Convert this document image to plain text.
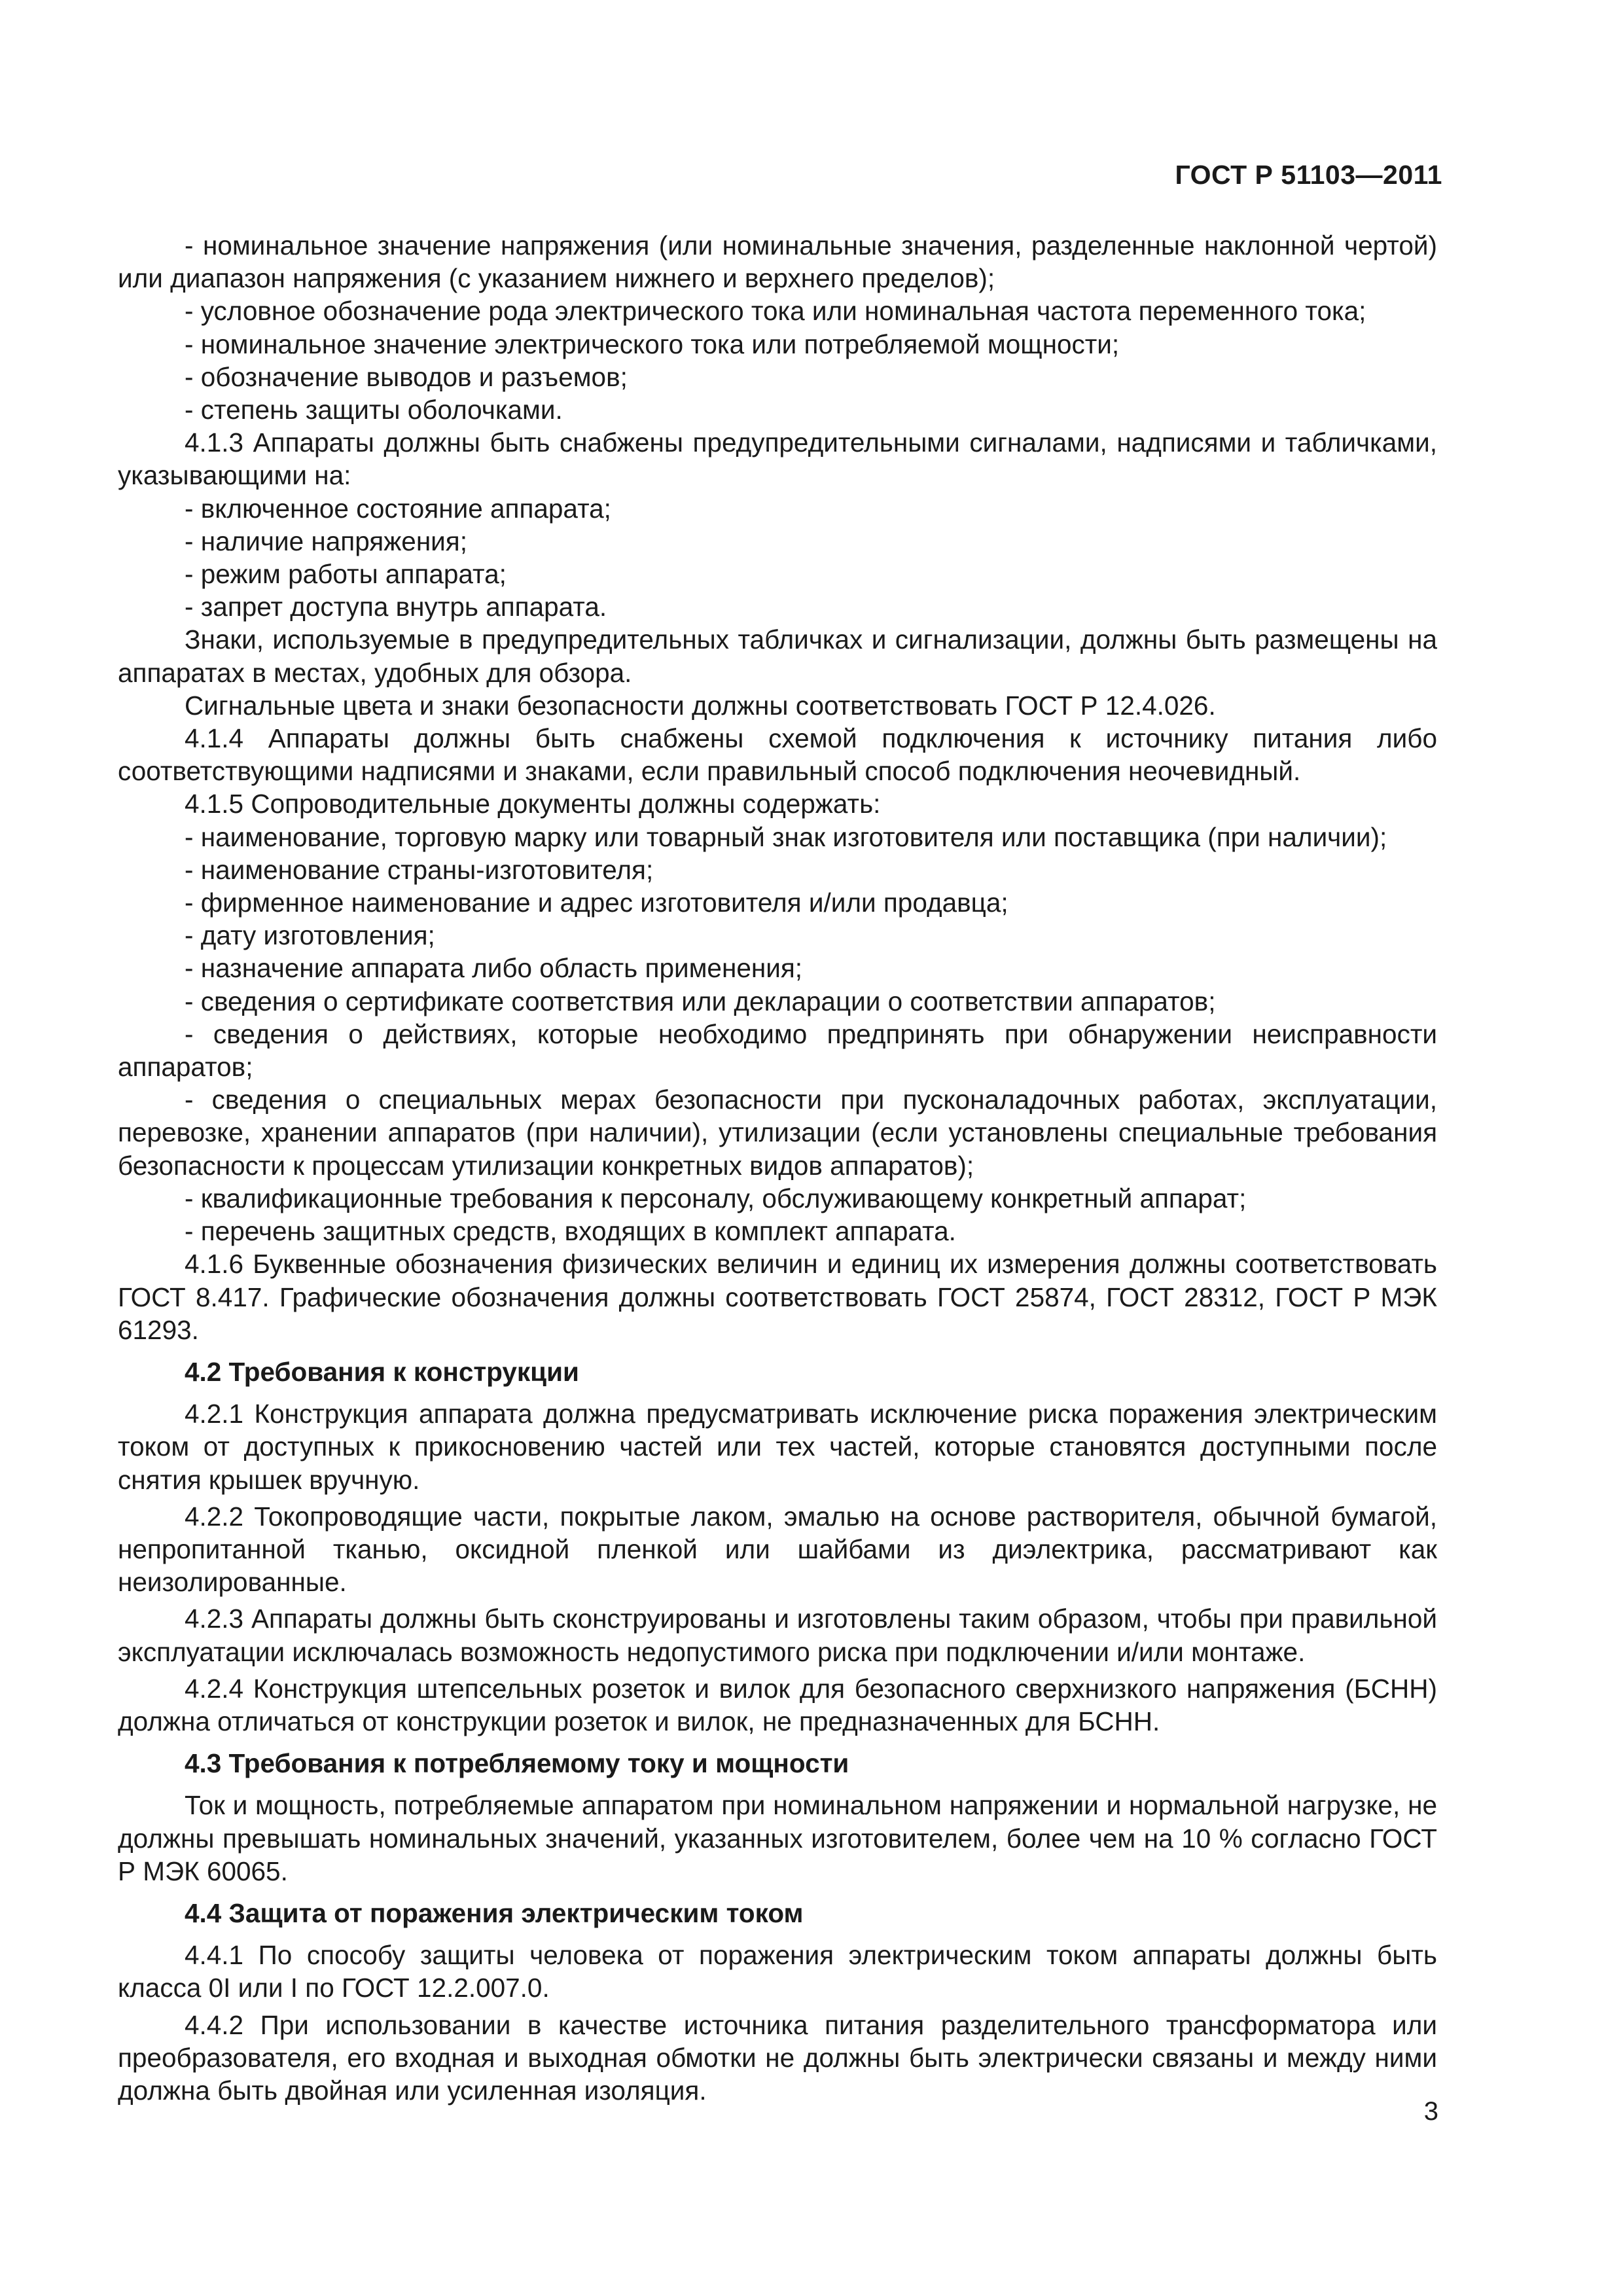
ГОСТ Р 51103—2011

- номинальное значение напряжения (или номинальные значения, разделенные наклонной чертой) или диапазон напряжения (с указанием нижнего и верхнего пределов);

- условное обозначение рода электрического тока или номинальная частота переменного тока;

- номинальное значение электрического тока или потребляемой мощности;

- обозначение выводов и разъемов;

- степень защиты оболочками.

4.1.3 Аппараты должны быть снабжены предупредительными сигналами, надписями и табличками, указывающими на:

- включенное состояние аппарата;

- наличие напряжения;

- режим работы аппарата;

- запрет доступа внутрь аппарата.

Знаки, используемые в предупредительных табличках и сигнализации, должны быть размещены на аппаратах в местах, удобных для обзора.

Сигнальные цвета и знаки безопасности должны соответствовать ГОСТ Р 12.4.026.

4.1.4 Аппараты должны быть снабжены схемой подключения к источнику питания либо соответствующими надписями и знаками, если правильный способ подключения неочевидный.

4.1.5 Сопроводительные документы должны содержать:

- наименование, торговую марку или товарный знак изготовителя или поставщика (при наличии);

- наименование страны-изготовителя;

- фирменное наименование и адрес изготовителя и/или продавца;

- дату изготовления;

- назначение аппарата либо область применения;

- сведения о сертификате соответствия или декларации о соответствии аппаратов;

- сведения о действиях, которые необходимо предпринять при обнаружении неисправности аппаратов;

- сведения о специальных мерах безопасности при пусконаладочных работах, эксплуатации, перевозке, хранении аппаратов (при наличии), утилизации (если установлены специальные требования безопасности к процессам утилизации конкретных видов аппаратов);

- квалификационные требования к персоналу, обслуживающему конкретный аппарат;

- перечень защитных средств, входящих в комплект аппарата.

4.1.6 Буквенные обозначения физических величин и единиц их измерения должны соответствовать ГОСТ 8.417. Графические обозначения должны соответствовать ГОСТ 25874, ГОСТ 28312, ГОСТ Р МЭК 61293.

4.2 Требования к конструкции

4.2.1 Конструкция аппарата должна предусматривать исключение риска поражения электрическим током от доступных к прикосновению частей или тех частей, которые становятся доступными после снятия крышек вручную.

4.2.2 Токопроводящие части, покрытые лаком, эмалью на основе растворителя, обычной бумагой, непропитанной тканью, оксидной пленкой или шайбами из диэлектрика, рассматривают как неизолированные.

4.2.3 Аппараты должны быть сконструированы и изготовлены таким образом, чтобы при правильной эксплуатации исключалась возможность недопустимого риска при подключении и/или монтаже.

4.2.4 Конструкция штепсельных розеток и вилок для безопасного сверхнизкого напряжения (БСНН) должна отличаться от конструкции розеток и вилок, не предназначенных для БСНН.

4.3 Требования к потребляемому току и мощности

Ток и мощность, потребляемые аппаратом при номинальном напряжении и нормальной нагрузке, не должны превышать номинальных значений, указанных изготовителем, более чем на 10 % согласно ГОСТ Р МЭК 60065.

4.4 Защита от поражения электрическим током

4.4.1 По способу защиты человека от поражения электрическим током аппараты должны быть класса 0I или I по ГОСТ 12.2.007.0.

4.4.2 При использовании в качестве источника питания разделительного трансформатора или преобразователя, его входная и выходная обмотки не должны быть электрически связаны и между ними должна быть двойная или усиленная изоляция.

3
